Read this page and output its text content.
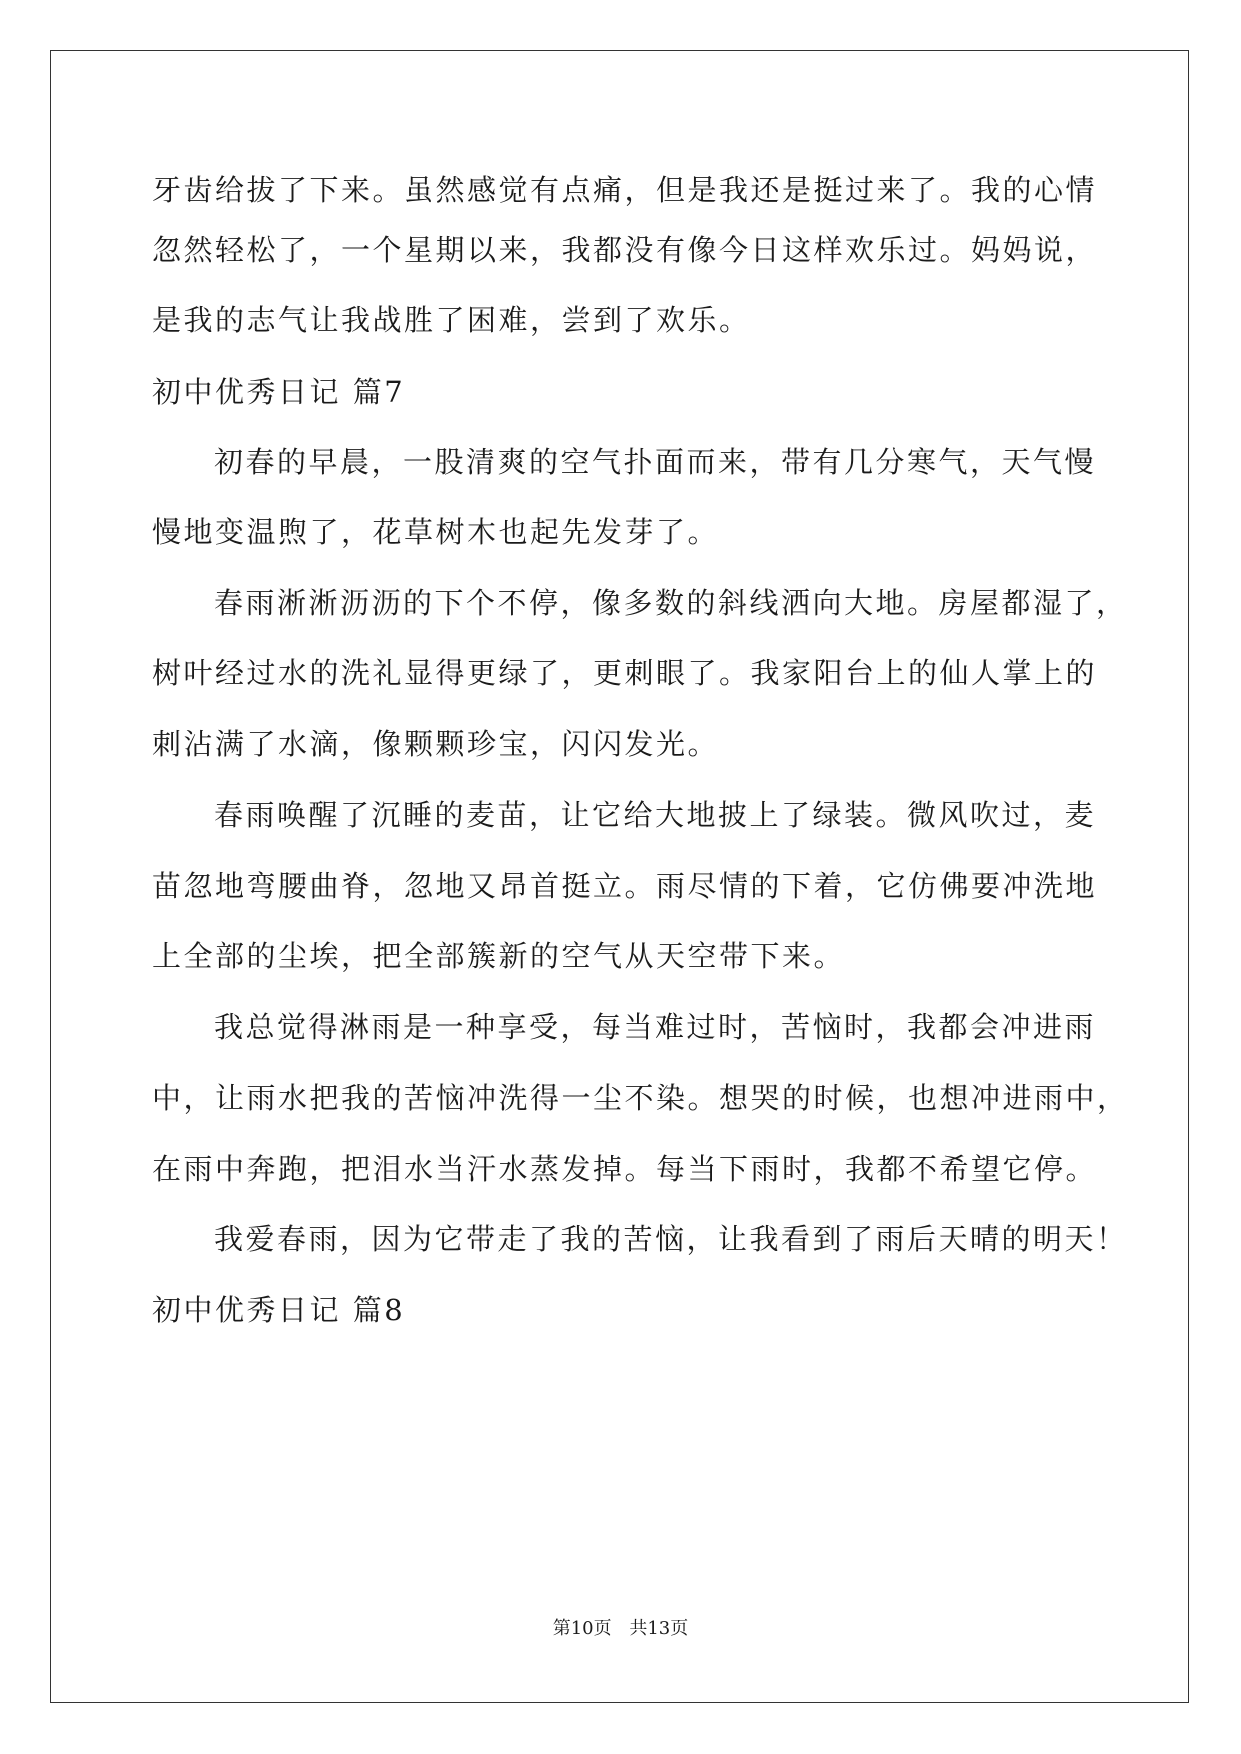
牙齿给拔了下来。虽然感觉有点痛，但是我还是挺过来了。我的心情
忽然轻松了，一个星期以来，我都没有像今日这样欢乐过。妈妈说，
是我的志气让我战胜了困难，尝到了欢乐。
初中优秀日记 篇7
初春的早晨，一股清爽的空气扑面而来，带有几分寒气，天气慢
慢地变温煦了，花草树木也起先发芽了。
春雨淅淅沥沥的下个不停，像多数的斜线洒向大地。房屋都湿了，
树叶经过水的洗礼显得更绿了，更刺眼了。我家阳台上的仙人掌上的
刺沾满了水滴，像颗颗珍宝，闪闪发光。
春雨唤醒了沉睡的麦苗，让它给大地披上了绿装。微风吹过，麦
苗忽地弯腰曲脊，忽地又昂首挺立。雨尽情的下着，它仿佛要冲洗地
上全部的尘埃，把全部簇新的空气从天空带下来。
我总觉得淋雨是一种享受，每当难过时，苦恼时，我都会冲进雨
中，让雨水把我的苦恼冲洗得一尘不染。想哭的时候，也想冲进雨中，
在雨中奔跑，把泪水当汗水蒸发掉。每当下雨时，我都不希望它停。
我爱春雨，因为它带走了我的苦恼，让我看到了雨后天晴的明天！
初中优秀日记 篇8
第10页 共13页
